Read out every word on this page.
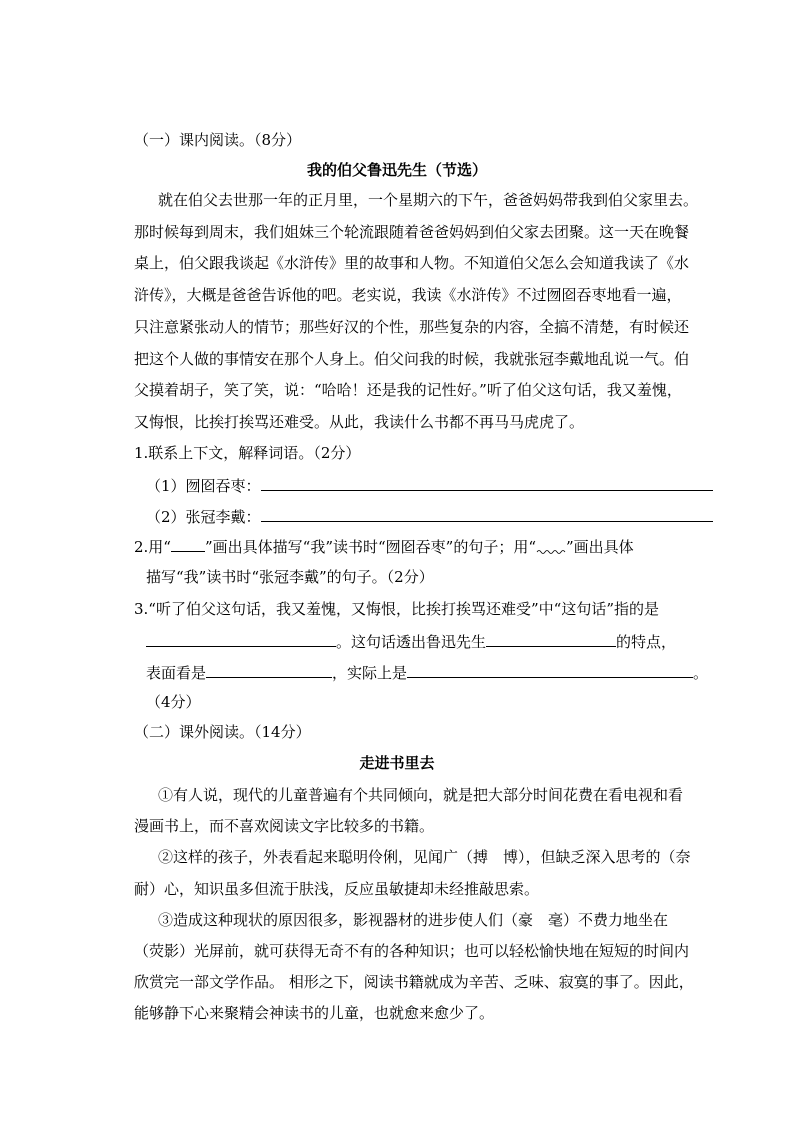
（一）课内阅读。（8分）
我的伯父鲁迅先生（节选）
就在伯父去世那一年的正月里，一个星期六的下午，爸爸妈妈带我到伯父家里去。
那时候每到周末，我们姐妹三个轮流跟随着爸爸妈妈到伯父家去团聚。这一天在晚餐
桌上，伯父跟我谈起《水浒传》里的故事和人物。不知道伯父怎么会知道我读了《水
浒传》，大概是爸爸告诉他的吧。老实说，我读《水浒传》不过囫囵吞枣地看一遍，
只注意紧张动人的情节；那些好汉的个性，那些复杂的内容，全搞不清楚，有时候还
把这个人做的事情安在那个人身上。伯父问我的时候，我就张冠李戴地乱说一气。伯
父摸着胡子，笑了笑，说：“哈哈！还是我的记性好。”听了伯父这句话，我又羞愧，
又悔恨，比挨打挨骂还难受。从此，我读什么书都不再马马虎虎了。
1.联系上下文，解释词语。（2分）
（1）囫囵吞枣：
（2）张冠李戴：
2.用“ ”画出具体描写“我”读书时“囫囵吞枣”的句子；用“ ”画出具体
描写“我”读书时“张冠李戴”的句子。（2分）
3.“听了伯父这句话，我又羞愧，又悔恨，比挨打挨骂还难受”中“这句话”指的是
。这句话透出鲁迅先生	的特点，
表面看是	，实际上是	。
（4分）
（二）课外阅读。（14分）
走进书里去
①有人说，现代的儿童普遍有个共同倾向，就是把大部分时间花费在看电视和看
漫画书上，而不喜欢阅读文字比较多的书籍。
②这样的孩子，外表看起来聪明伶俐，见闻广（搏　博），但缺乏深入思考的（奈
耐）心，知识虽多但流于肤浅，反应虽敏捷却未经推敲思索。
③造成这种现状的原因很多，影视器材的进步使人们（豪　毫）不费力地坐在
（荧影）光屏前，就可获得无奇不有的各种知识；也可以轻松愉快地在短短的时间内
欣赏完一部文学作品。 相形之下，阅读书籍就成为辛苦、乏味、寂寞的事了。因此，
能够静下心来聚精会神读书的儿童，也就愈来愈少了。
